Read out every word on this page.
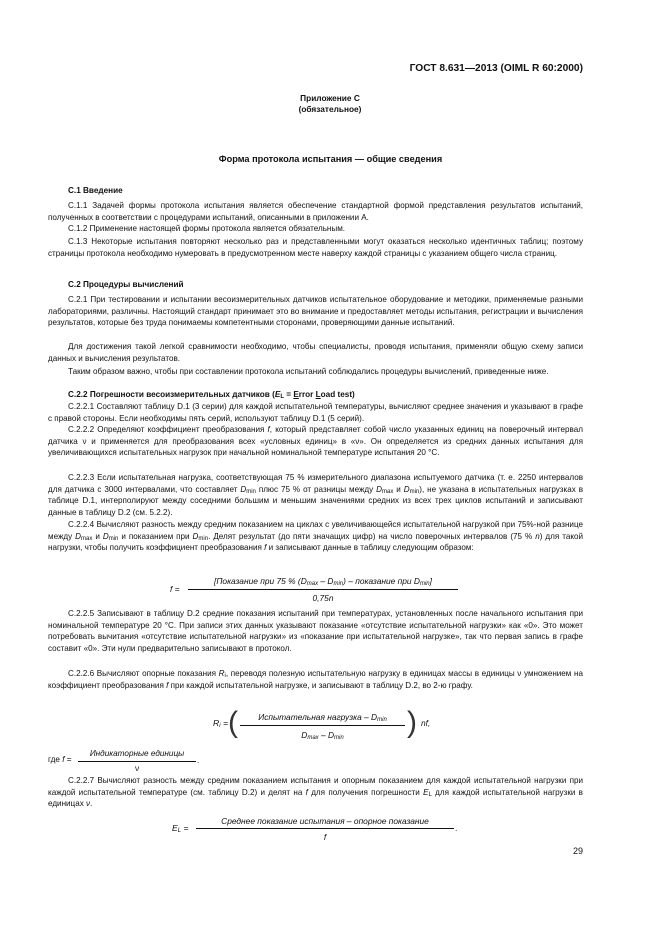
ГОСТ 8.631—2013 (OIML R 60:2000)
Приложение С
(обязательное)
Форма протокола испытания — общие сведения

С.1 Введение

С.1.1 Задачей формы протокола испытания является обеспечение стандартной формой представления результатов испытаний, полученных в соответствии с процедурами испытаний, описанными в приложении А.

С.1.2 Применение настоящей формы протокола является обязательным.

С.1.3 Некоторые испытания повторяют несколько раз и представленными могут оказаться несколько идентичных таблиц; поэтому страницы протокола необходимо нумеровать в предусмотренном месте наверху каждой страницы с указанием общего числа страниц.

С.2 Процедуры вычислений

С.2.1 При тестировании и испытании весоизмерительных датчиков испытательное оборудование и методики, применяемые разными лабораториями, различны. Настоящий стандарт принимает это во внимание и предоставляет методы испытания, регистрации и вычисления результатов, которые без труда понимаемы компетентными сторонами, проверяющими данные испытаний.

Для достижения такой легкой сравнимости необходимо, чтобы специалисты, проводя испытания, применяли общую схему записи данных и вычисления результатов.

Таким образом важно, чтобы при составлении протокола испытаний соблюдались процедуры вычислений, приведенные ниже.

С.2.2 Погрешности весоизмерительных датчиков ($E_L$ = Error Load test)

С.2.2.1 Составляют таблицу D.1 (3 серии) для каждой испытательной температуры, вычисляют среднее значения и указывают в графе с правой стороны. Если необходимы пять серий, используют таблицу D.1 (5 серий).

С.2.2.2 Определяют коэффициент преобразования f, который представляет собой число указанных единиц на поверочный интервал датчика ν и применяется для преобразования всех «условных единиц» в «ν». Он определяется из средних данных испытания для увеличивающихся испытательных нагрузок при начальной номинальной температуре испытания 20 °С.

С.2.2.3 Если испытательная нагрузка, соответствующая 75 % измерительного диапазона испытуемого датчика (т. е. 2250 интервалов для датчика с 3000 интервалами, что составляет $D_{min}$ плюс 75 % от разницы между $D_{max}$ и $D_{min}$), не указана в испытательных нагрузках в таблице D.1, интерполируют между соседними большим и меньшим значениями средних из всех трех циклов испытаний и записывают данные в таблицу D.2 (см. 5.2.2).

С.2.2.4 Вычисляют разность между средним показанием на циклах с увеличивающейся испытательной нагрузкой при 75%-ной разнице между $D_{max}$ и $D_{min}$ и показанием при $D_{min}$. Делят результат (до пяти значащих цифр) на число поверочных интервалов (75 % n) для такой нагрузки, чтобы получить коэффициент преобразования f и записывают данные в таблицу следующим образом:

f =
[Показание при 75 % $(D_{max} - D_{min})$ – показание при $D_{min}$]
0,75n

С.2.2.5 Записывают в таблицу D.2 средние показания испытаний при температурах, установленных после начального испытания при номинальной температуре 20 °С. При записи этих данных указывают показание «отсутствие испытательной нагрузки» как «0». Это может потребовать вычитания «отсутствие испытательной нагрузки» из «показание при испытательной нагрузке», так что первая запись в графе составит «0». Эти нули предварительно записывают в протокол.

С.2.2.6 Вычисляют опорные показания $R_i$, переводя полезную испытательную нагрузку в единицах массы в единицы ν умножением на коэффициент преобразования f при каждой испытательной нагрузке, и записывают в таблицу D.2, во 2-ю графу.

$R_i$ = (	Испытательная нагрузка – $D_{min}$
$D_{max} - D_{min}$	) nf,
где f =
Индикаторные единицы
ν
.

С.2.2.7 Вычисляют разность между средним показанием испытания и опорным показанием для каждой испытательной нагрузки при каждой испытательной температуре (см. таблицу D.2) и делят на f для получения погрешности $E_L$ для каждой испытательной нагрузки в единицах ν.

$E_L$ =
Среднее показание испытания – опорное показание
f
.
29
